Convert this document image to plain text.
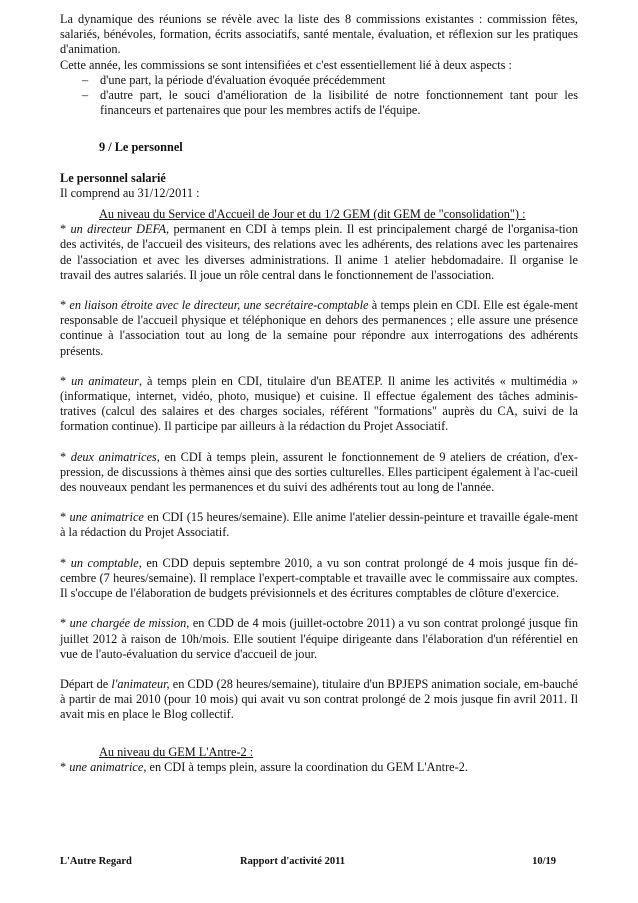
La dynamique des réunions se révèle avec la liste des 8 commissions existantes : commission fêtes, salariés, bénévoles, formation, écrits associatifs, santé mentale, évaluation, et réflexion sur les pratiques d'animation.

Cette année, les commissions se sont intensifiées et c'est essentiellement lié à deux aspects :

– d'une part, la période d'évaluation évoquée précédemment
– d'autre part, le souci d'amélioration de la lisibilité de notre fonctionnement tant pour les financeurs et partenaires que pour les membres actifs de l'équipe.

9 / Le personnel

Le personnel salarié

Il comprend au 31/12/2011 :

Au niveau du Service d'Accueil de Jour et du 1/2 GEM (dit GEM de "consolidation") :

* un directeur DEFA, permanent en CDI à temps plein. Il est principalement chargé de l'organisa-tion des activités, de l'accueil des visiteurs, des relations avec les adhérents, des relations avec les partenaires de l'association et avec les diverses administrations. Il anime 1 atelier hebdomadaire. Il organise le travail des autres salariés. Il joue un rôle central dans le fonctionnement de l'association.

* en liaison étroite avec le directeur, une secrétaire-comptable à temps plein en CDI. Elle est égale-ment responsable de l'accueil physique et téléphonique en dehors des permanences ; elle assure une présence continue à l'association tout au long de la semaine pour répondre aux interrogations des adhérents présents.

* un animateur, à temps plein en CDI, titulaire d'un BEATEP. Il anime les activités « multimédia » (informatique, internet, vidéo, photo, musique) et cuisine. Il effectue également des tâches adminis-tratives (calcul des salaires et des charges sociales, référent "formations" auprès du CA, suivi de la formation continue). Il participe par ailleurs à la rédaction du Projet Associatif.

* deux animatrices, en CDI à temps plein, assurent le fonctionnement de 9 ateliers de création, d'ex-pression, de discussions à thèmes ainsi que des sorties culturelles. Elles participent également à l'ac-cueil des nouveaux pendant les permanences et du suivi des adhérents tout au long de l'année.

* une animatrice en CDI (15 heures/semaine). Elle anime l'atelier dessin-peinture et travaille égale-ment à la rédaction du Projet Associatif.

* un comptable, en CDD depuis septembre 2010, a vu son contrat prolongé de 4 mois jusque fin dé-cembre (7 heures/semaine). Il remplace l'expert-comptable et travaille avec le commissaire aux comptes. Il s'occupe de l'élaboration de budgets prévisionnels et des écritures comptables de clôture d'exercice.

* une chargée de mission, en CDD de 4 mois (juillet-octobre 2011) a vu son contrat prolongé jusque fin juillet 2012 à raison de 10h/mois. Elle soutient l'équipe dirigeante dans l'élaboration d'un référentiel en vue de l'auto-évaluation du service d'accueil de jour.

Départ de l'animateur, en CDD (28 heures/semaine), titulaire d'un BPJEPS animation sociale, em-bauché à partir de mai 2010 (pour 10 mois) qui avait vu son contrat prolongé de 2 mois jusque fin avril 2011. Il avait mis en place le Blog collectif.

Au niveau du GEM L'Antre-2 :

* une animatrice, en CDI à temps plein, assure la coordination du GEM L'Antre-2.

L'Autre Regard	Rapport d'activité 2011	10/19
